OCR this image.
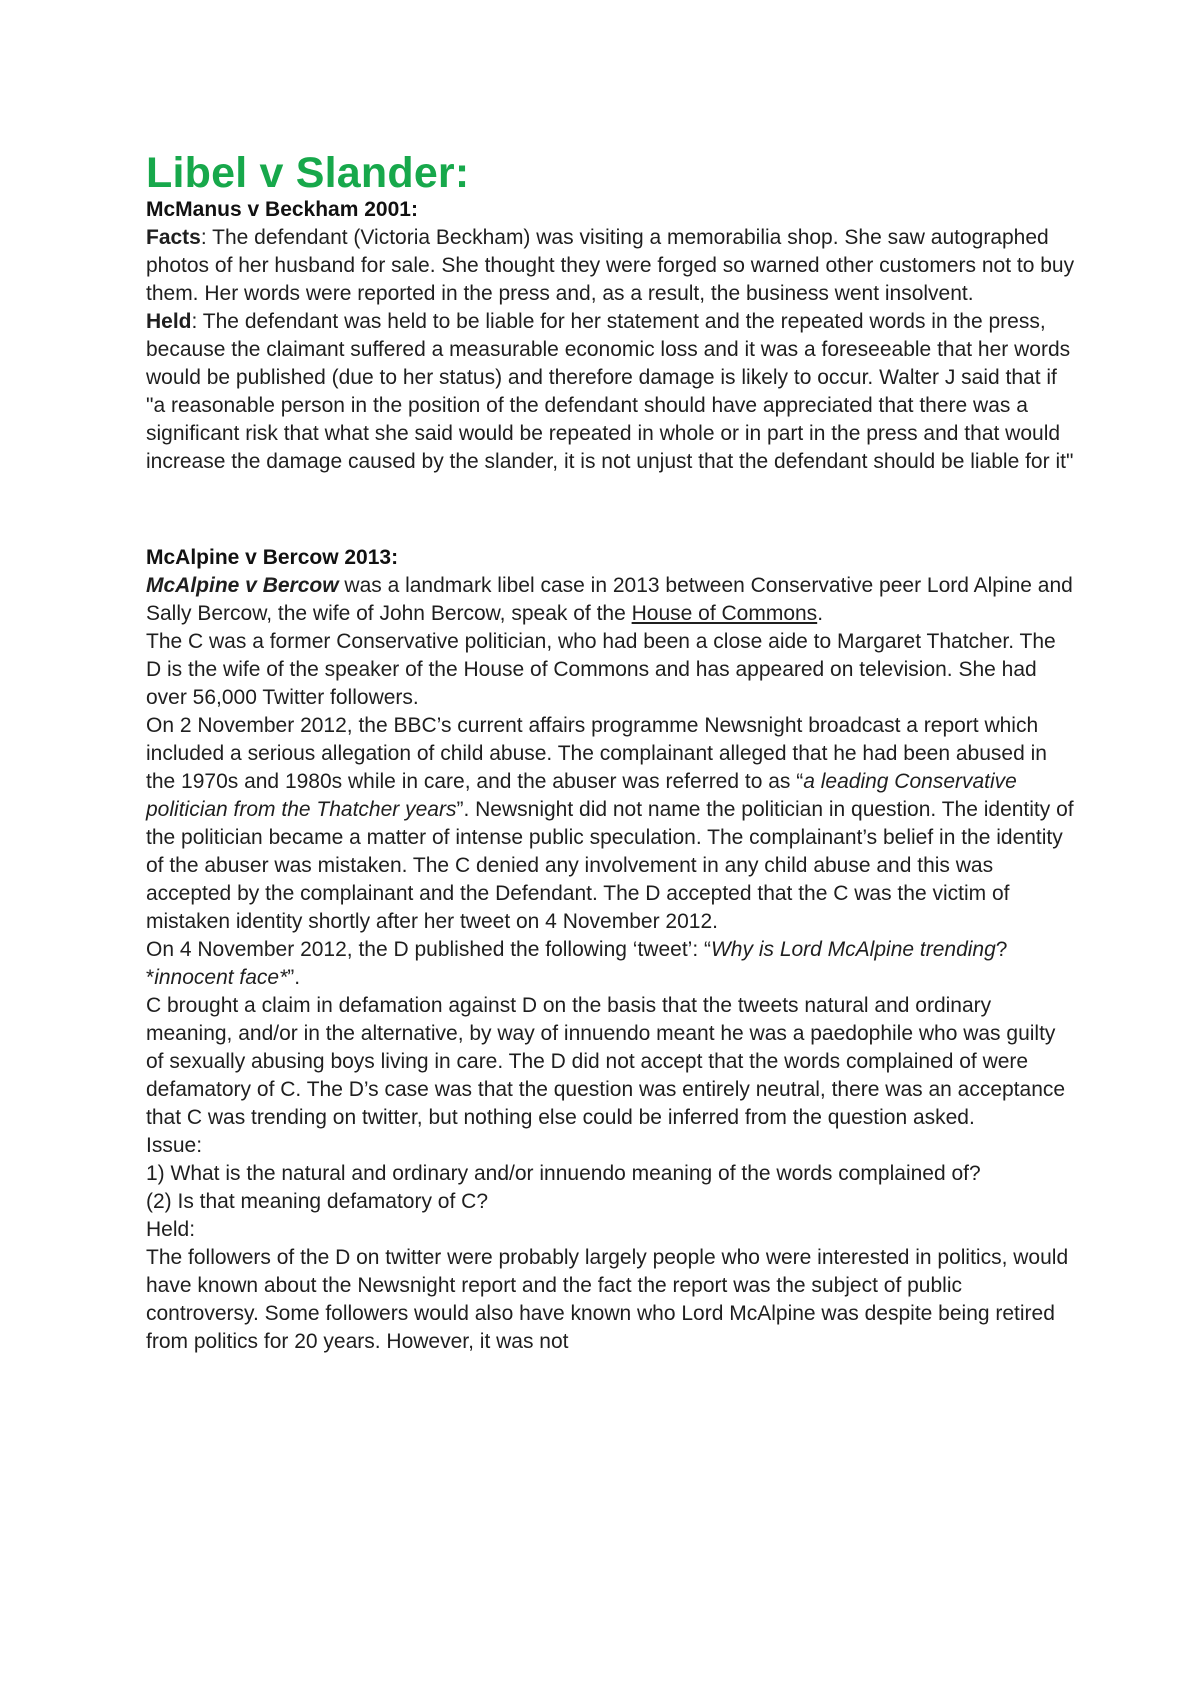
Libel v Slander:
McManus v Beckham 2001:

Facts: The defendant (Victoria Beckham) was visiting a memorabilia shop. She saw autographed photos of her husband for sale. She thought they were forged so warned other customers not to buy them. Her words were reported in the press and, as a result, the business went insolvent.

Held: The defendant was held to be liable for her statement and the repeated words in the press, because the claimant suffered a measurable economic loss and it was a foreseeable that her words would be published (due to her status) and therefore damage is likely to occur. Walter J said that if "a reasonable person in the position of the defendant should have appreciated that there was a significant risk that what she said would be repeated in whole or in part in the press and that would increase the damage caused by the slander, it is not unjust that the defendant should be liable for it"

McAlpine v Bercow 2013:

McAlpine v Bercow was a landmark libel case in 2013 between Conservative peer Lord Alpine and Sally Bercow, the wife of John Bercow, speak of the House of Commons.

The C was a former Conservative politician, who had been a close aide to Margaret Thatcher. The D is the wife of the speaker of the House of Commons and has appeared on television. She had over 56,000 Twitter followers.

On 2 November 2012, the BBC’s current affairs programme Newsnight broadcast a report which included a serious allegation of child abuse. The complainant alleged that he had been abused in the 1970s and 1980s while in care, and the abuser was referred to as “a leading Conservative politician from the Thatcher years”. Newsnight did not name the politician in question. The identity of the politician became a matter of intense public speculation. The complainant’s belief in the identity of the abuser was mistaken. The C denied any involvement in any child abuse and this was accepted by the complainant and the Defendant. The D accepted that the C was the victim of mistaken identity shortly after her tweet on 4 November 2012.

On 4 November 2012, the D published the following ‘tweet’: “Why is Lord McAlpine trending? *innocent face*”.

C brought a claim in defamation against D on the basis that the tweets natural and ordinary meaning, and/or in the alternative, by way of innuendo meant he was a paedophile who was guilty of sexually abusing boys living in care. The D did not accept that the words complained of were defamatory of C. The D’s case was that the question was entirely neutral, there was an acceptance that C was trending on twitter, but nothing else could be inferred from the question asked.

Issue:

1) What is the natural and ordinary and/or innuendo meaning of the words complained of?

(2) Is that meaning defamatory of C?

Held:

The followers of the D on twitter were probably largely people who were interested in politics, would have known about the Newsnight report and the fact the report was the subject of public controversy. Some followers would also have known who Lord McAlpine was despite being retired from politics for 20 years. However, it was not
